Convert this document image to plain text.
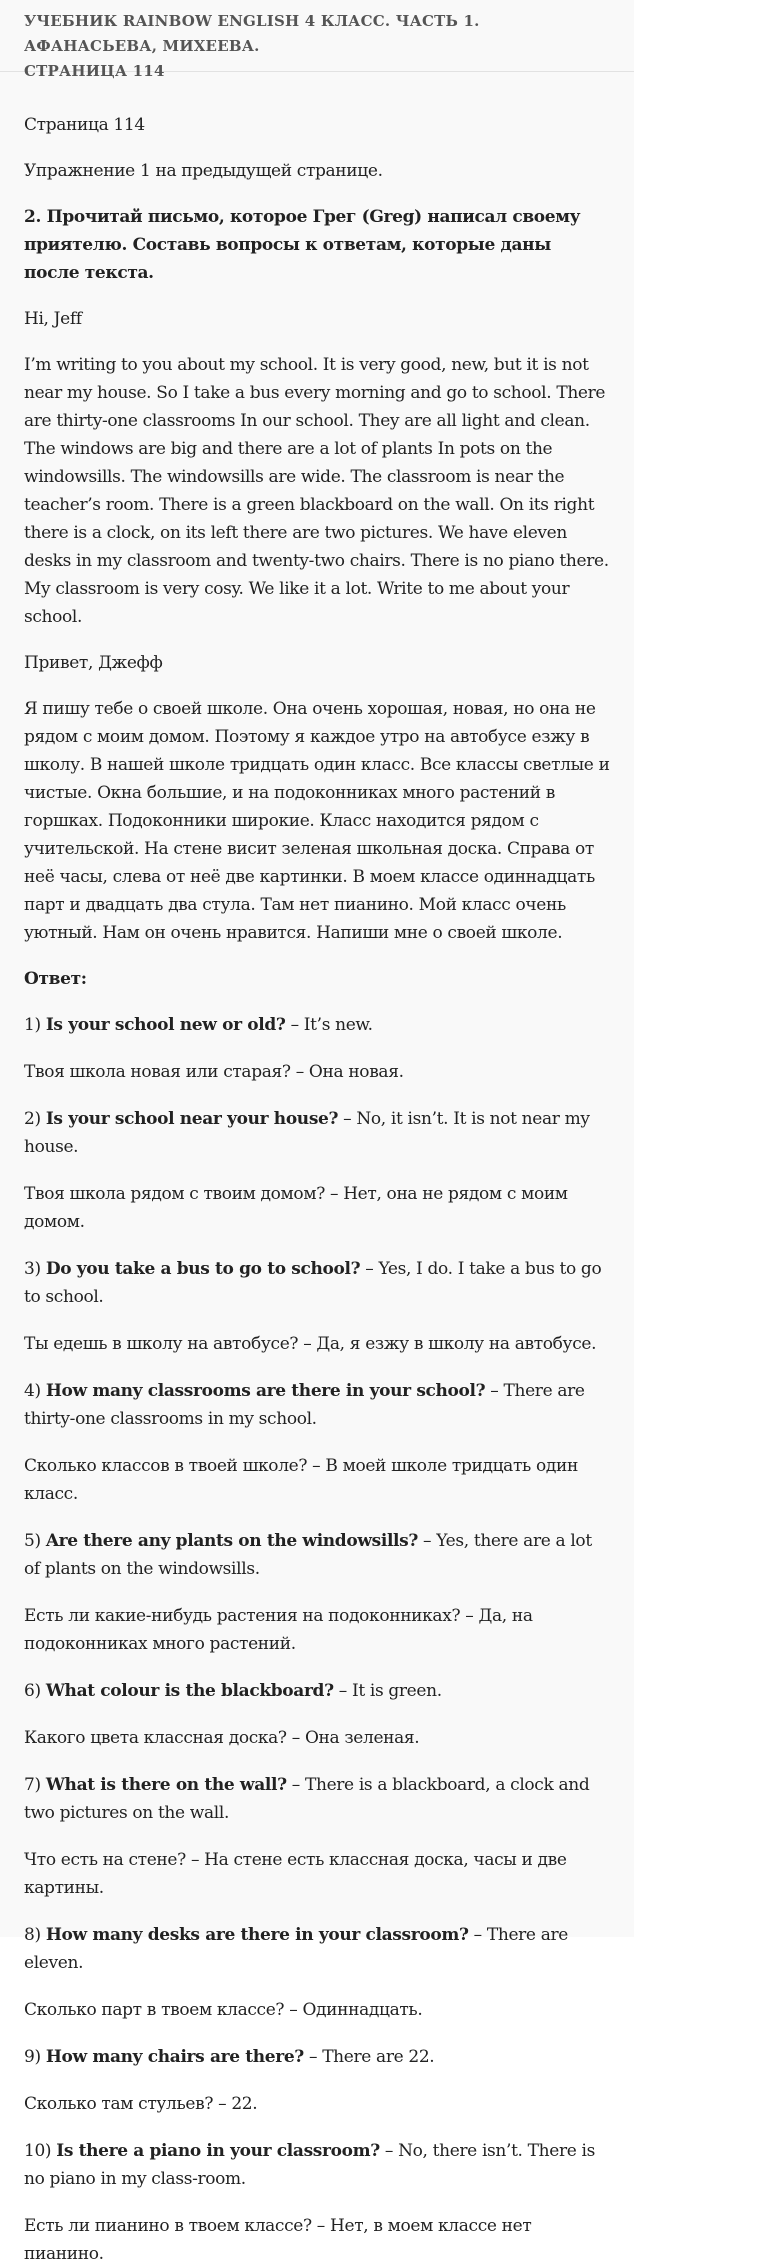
УЧЕБНИК RAINBOW ENGLISH 4 КЛАСС. ЧАСТЬ 1. АФАНАСЬЕВА, МИХЕЕВА.
СТРАНИЦА 114

Страница 114

Упражнение 1 на предыдущей странице.

2. Прочитай письмо, которое Грег (Greg) написал своему приятелю. Составь вопросы к ответам, которые даны после текста.

Hi, Jeff

I’m writing to you about my school. It is very good, new, but it is not near my house. So I take a bus every morning and go to school. There are thirty-one classrooms In our school. They are all light and clean. The windows are big and there are a lot of plants In pots on the windowsills. The windowsills are wide. The classroom is near the teacher’s room. There is a green blackboard on the wall. On its right there is a clock, on its left there are two pictures. We have eleven desks in my classroom and twenty-two chairs. There is no piano there. My classroom is very cosy. We like it a lot. Write to me about your school.

Привет, Джефф

Я пишу тебе о своей школе. Она очень хорошая, новая, но она не рядом с моим домом. Поэтому я каждое утро на автобусе езжу в школу. В нашей школе тридцать один класс. Все классы светлые и чистые. Окна большие, и на подоконниках много растений в горшках. Подоконники широкие. Класс находится рядом с учительской. На стене висит зеленая школьная доска. Справа от неё часы, слева от неё две картинки. В моем классе одиннадцать парт и двадцать два стула. Там нет пианино. Мой класс очень уютный. Нам он очень нравится. Напиши мне о своей школе.

Ответ:

1) Is your school new or old? – It’s new.

Твоя школа новая или старая? – Она новая.

2) Is your school near your house? – No, it isn’t. It is not near my house.

Твоя школа рядом с твоим домом? – Нет, она не рядом с моим домом.

3) Do you take a bus to go to school? – Yes, I do. I take a bus to go to school.

Ты едешь в школу на автобусе? – Да, я езжу в школу на автобусе.

4) How many classrooms are there in your school? – There are thirty-one classrooms in my school.

Сколько классов в твоей школе? – В моей школе тридцать один класс.

5) Are there any plants on the windowsills? – Yes, there are a lot of plants on the windowsills.

Есть ли какие-нибудь растения на подоконниках? – Да, на подоконниках много растений.

6) What colour is the blackboard? – It is green.

Какого цвета классная доска? – Она зеленая.

7) What is there on the wall? – There is a blackboard, a clock and two pictures on the wall.

Что есть на стене? – На стене есть классная доска, часы и две картины.

8) How many desks are there in your classroom? – There are eleven.

Сколько парт в твоем классе? – Одиннадцать.

9) How many chairs are there? – There are 22.

Сколько там стульев? – 22.

10) Is there a piano in your classroom? – No, there isn’t. There is no piano in my class-room.

Есть ли пианино в твоем классе? – Нет, в моем классе нет пианино.
